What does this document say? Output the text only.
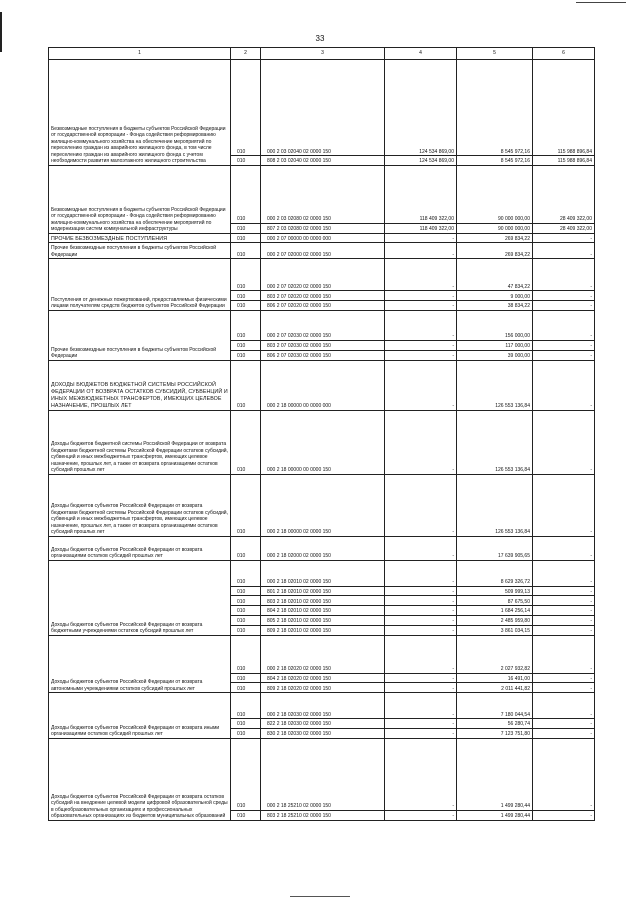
33
1	2	3	4	5	6
Безвозмездные поступления в бюджеты субъектов Российской Федерации от государственной корпорации - Фонда содействия реформированию жилищно-коммунального хозяйства на обеспечение мероприятий по переселению граждан из аварийного жилищного фонда, в том числе переселению граждан из аварийного жилищного фонда с учетом необходимости развития малоэтажного жилищного строительства	010	000 2 03 02040 02 0000 150	124 534 869,00	8 545 972,16	115 988 896,84
	010	808 2 03 02040 02 0000 150	124 534 869,00	8 545 972,16	115 988 896,84
Безвозмездные поступления в бюджеты субъектов Российской Федерации от государственной корпорации - Фонда содействия реформированию жилищно-коммунального хозяйства на обеспечение мероприятий по модернизации систем коммунальной инфраструктуры	010	000 2 03 02080 02 0000 150	118 409 322,00	90 000 000,00	28 409 322,00
	010	807 2 03 02080 02 0000 150	118 409 322,00	90 000 000,00	28 409 322,00
ПРОЧИЕ БЕЗВОЗМЕЗДНЫЕ ПОСТУПЛЕНИЯ	010	000 2 07 00000 00 0000 000	-	269 834,22	-
Прочие безвозмездные поступления в бюджеты субъектов Российской Федерации	010	000 2 07 02000 02 0000 150	-	269 834,22	-
Поступления от денежных пожертвований, предоставляемых физическими лицами получателям средств бюджетов субъектов Российской Федерации	010	000 2 07 02020 02 0000 150	-	47 834,22	-
	010	803 2 07 02020 02 0000 150	-	9 000,00	-
	010	806 2 07 02020 02 0000 150	-	38 834,22	-
Прочие безвозмездные поступления в бюджеты субъектов Российской Федерации	010	000 2 07 02030 02 0000 150	-	156 000,00	-
	010	803 2 07 02030 02 0000 150	-	117 000,00	-
	010	806 2 07 02030 02 0000 150	-	39 000,00	-
ДОХОДЫ БЮДЖЕТОВ БЮДЖЕТНОЙ СИСТЕМЫ РОССИЙСКОЙ ФЕДЕРАЦИИ ОТ ВОЗВРАТА ОСТАТКОВ СУБСИДИЙ, СУБВЕНЦИЙ И ИНЫХ МЕЖБЮДЖЕТНЫХ ТРАНСФЕРТОВ, ИМЕЮЩИХ ЦЕЛЕВОЕ НАЗНАЧЕНИЕ, ПРОШЛЫХ ЛЕТ	010	000 2 18 00000 00 0000 000	-	126 553 136,84	-
Доходы бюджетов бюджетной системы Российской Федерации от возврата бюджетами бюджетной системы Российской Федерации остатков субсидий, субвенций и иных межбюджетных трансфертов, имеющих целевое назначение, прошлых лет, а также от возврата организациями остатков субсидий прошлых лет	010	000 2 18 00000 00 0000 150	-	126 553 136,84	-
Доходы бюджетов субъектов Российской Федерации от возврата бюджетами бюджетной системы Российской Федерации остатков субсидий, субвенций и иных межбюджетных трансфертов, имеющих целевое назначение, прошлых лет, а также от возврата организациями остатков субсидий прошлых лет	010	000 2 18 00000 02 0000 150	-	126 553 136,84	-
Доходы бюджетов субъектов Российской Федерации от возврата организациями остатков субсидий прошлых лет	010	000 2 18 02000 02 0000 150	-	17 639 905,65	-
Доходы бюджетов субъектов Российской Федерации от возврата бюджетными учреждениями остатков субсидий прошлых лет	010	000 2 18 02010 02 0000 150	-	8 629 326,72	-
	010	801 2 18 02010 02 0000 150	-	509 999,13	-
	010	803 2 18 02010 02 0000 150	-	87 675,50	-
	010	804 2 18 02010 02 0000 150	-	1 684 256,14	-
	010	805 2 18 02010 02 0000 150	-	2 485 959,80	-
	010	809 2 18 02010 02 0000 150	-	3 861 034,15	-
Доходы бюджетов субъектов Российской Федерации от возврата автономными учреждениями остатков субсидий прошлых лет	010	000 2 18 02020 02 0000 150	-	2 027 932,82	-
	010	804 2 18 02020 02 0000 150	-	16 491,00	-
	010	809 2 18 02020 02 0000 150	-	2 011 441,82	-
Доходы бюджетов субъектов Российской Федерации от возврата иными организациями остатков субсидий прошлых лет	010	000 2 18 02030 02 0000 150	-	7 180 044,54	-
	010	822 2 18 02030 02 0000 150	-	56 280,74	-
	010	830 2 18 02030 02 0000 150	-	7 123 751,80	-
Доходы бюджетов субъектов Российской Федерации от возврата остатков субсидий на внедрение целевой модели цифровой образовательной среды в общеобразовательных организациях и профессиональных образовательных организациях из бюджетов муниципальных образований	010	000 2 18 25210 02 0000 150	-	1 499 280,44	-
	010	803 2 18 25210 02 0000 150	-	1 499 280,44	-
